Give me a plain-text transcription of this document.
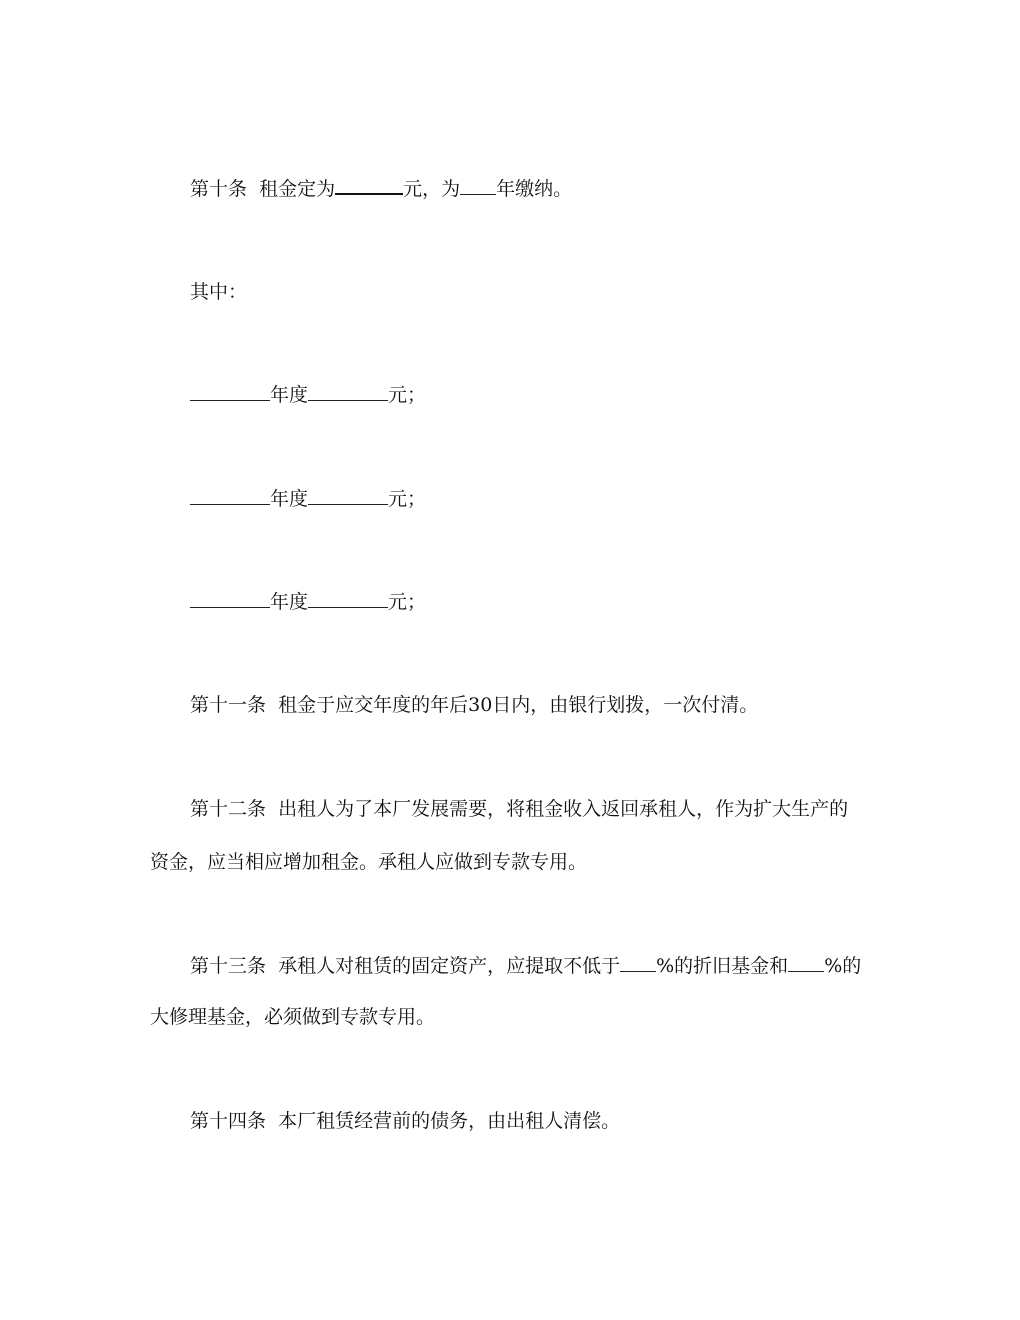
第十条 租金定为	元，为 年缴纳。
其中：
年度	元；
年度	元；
年度	元；
第十一条 租金于应交年度的年后30日内，由银行划拨，一次付清。
第十二条 出租人为了本厂发展需要，将租金收入返回承租人，作为扩大生产的
资金，应当相应增加租金。承租人应做到专款专用。
第十三条 承租人对租赁的固定资产，应提取不低于 %的折旧基金和 %的
大修理基金，必须做到专款专用。
第十四条 本厂租赁经营前的债务，由出租人清偿。
